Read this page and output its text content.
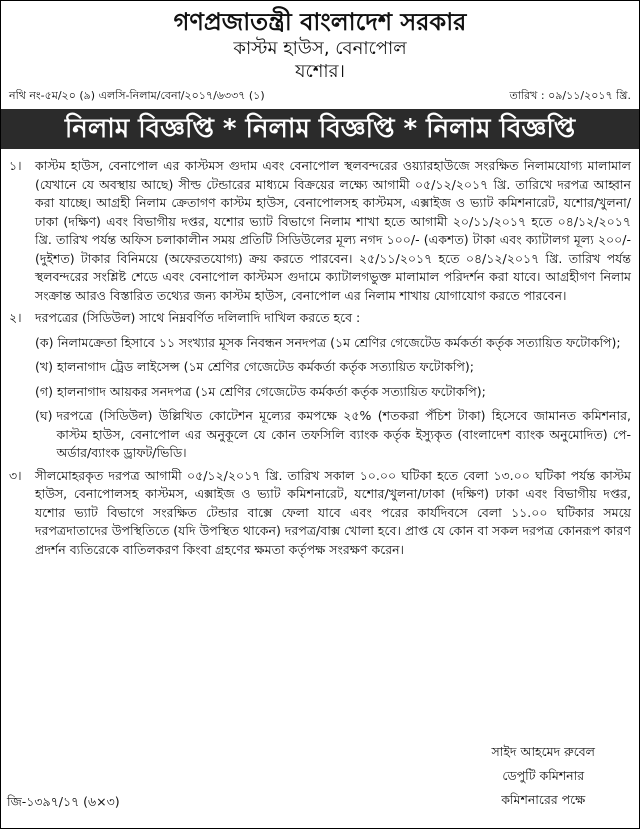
গণপ্রজাতন্ত্রী বাংলাদেশ সরকার
কাস্টম হাউস, বেনাপোল
যশোর।
নথি নং-৫ম/২০ (৯) এলসি-নিলাম/বেনা/২০১৭/৬৩৩৭ (১)	তারিখ : ০৯/১১/২০১৭ খ্রি.
নিলাম বিজ্ঞপ্তি * নিলাম বিজ্ঞপ্তি * নিলাম বিজ্ঞপ্তি
১।	কাস্টম হাউস, বেনাপোল এর কাস্টমস গুদাম এবং বেনাপোল স্থলবন্দরের ওয়্যারহাউজে সংরক্ষিত নিলামযোগ্য মালামাল (যেখানে যে অবস্থায় আছে) সীল্ড টেন্ডারের মাধ্যমে বিক্রয়ের লক্ষ্যে আগামী ০৫/১২/২০১৭ খ্রি. তারিখে দরপত্র আহ্বান করা যাচ্ছে। আগ্রহী নিলাম ক্রেতাগণ কাস্টম হাউস, বেনাপোলসহ কাস্টমস, এক্সাইজ ও ভ্যাট কমিশনারেট, যশোর/খুলনা/ঢাকা (দক্ষিণ) এবং বিভাগীয় দপ্তর, যশোর ভ্যাট বিভাগে নিলাম শাখা হতে আগামী ২০/১১/২০১৭ হতে ০৪/১২/২০১৭ খ্রি. তারিখ পর্যন্ত অফিস চলাকালীন সময় প্রতিটি সিডিউলের মূল্য নগদ ১০০/- (একশত) টাকা এবং ক্যাটালগ মূল্য ২০০/- (দুইশত) টাকার বিনিময়ে (অফেরতযোগ্য) ক্রয় করতে পারবেন। ২৫/১১/২০১৭ হতে ০৪/১২/২০১৭ খ্রি. তারিখ পর্যন্ত স্থলবন্দরের সংশ্লিষ্ট শেডে এবং বেনাপোল কাস্টমস গুদামে ক্যাটালগভুক্ত মালামাল পরিদর্শন করা যাবে। আগ্রহীগণ নিলাম সংক্রান্ত আরও বিস্তারিত তথ্যের জন্য কাস্টম হাউস, বেনাপোল এর নিলাম শাখায় যোগাযোগ করতে পারবেন।
২।	দরপত্রের (সিডিউল) সাথে নিম্নবর্ণিত দলিলাদি দাখিল করতে হবে :
(ক) নিলামক্রেতা হিসাবে ১১ সংখ্যার মূসক নিবন্ধন সনদপত্র (১ম শ্রেণির গেজেটেড কর্মকর্তা কর্তৃক সত্যায়িত ফটোকপি);
(খ) হালনাগাদ ট্রেড লাইসেন্স (১ম শ্রেণির গেজেটেড কর্মকর্তা কর্তৃক সত্যায়িত ফটোকপি);
(গ) হালনাগাদ আয়কর সনদপত্র (১ম শ্রেণির গেজেটেড কর্মকর্তা কর্তৃক সত্যায়িত ফটোকপি);
(ঘ) দরপত্রে (সিডিউল) উল্লিখিত কোটেশন মূল্যের কমপক্ষে ২৫% (শতকরা পঁচিশ টাকা) হিসেবে জামানত কমিশনার, কাস্টম হাউস, বেনাপোল এর অনুকূলে যে কোন তফসিলি ব্যাংক কর্তৃক ইস্যুকৃত (বাংলাদেশ ব্যাংক অনুমোদিত) পে-অর্ডার/ব্যাংক ড্রাফট/ভিডি।
৩।	সীলমোহরকৃত দরপত্র আগামী ০৫/১২/২০১৭ খ্রি. তারিখ সকাল ১০.০০ ঘটিকা হতে বেলা ১৩.০০ ঘটিকা পর্যন্ত কাস্টম হাউস, বেনাপোলসহ কাস্টমস, এক্সাইজ ও ভ্যাট কমিশনারেট, যশোর/খুলনা/ঢাকা (দক্ষিণ) ঢাকা এবং বিভাগীয় দপ্তর, যশোর ভ্যাট বিভাগে সংরক্ষিত টেন্ডার বাক্সে ফেলা যাবে এবং পরের কার্যদিবসে বেলা ১১.০০ ঘটিকার সময়ে দরপত্রদাতাদের উপস্থিতিতে (যদি উপস্থিত থাকেন) দরপত্র/বাক্স খোলা হবে। প্রাপ্ত যে কোন বা সকল দরপত্র কোনরূপ কারণ প্রদর্শন ব্যতিরেকে বাতিলকরণ কিংবা গ্রহণের ক্ষমতা কর্তৃপক্ষ সংরক্ষণ করেন।
সাইদ আহমেদ রুবেল
ডেপুটি কমিশনার
কমিশনারের পক্ষে
জি-১৩৯৭/১৭ (৬×৩)
